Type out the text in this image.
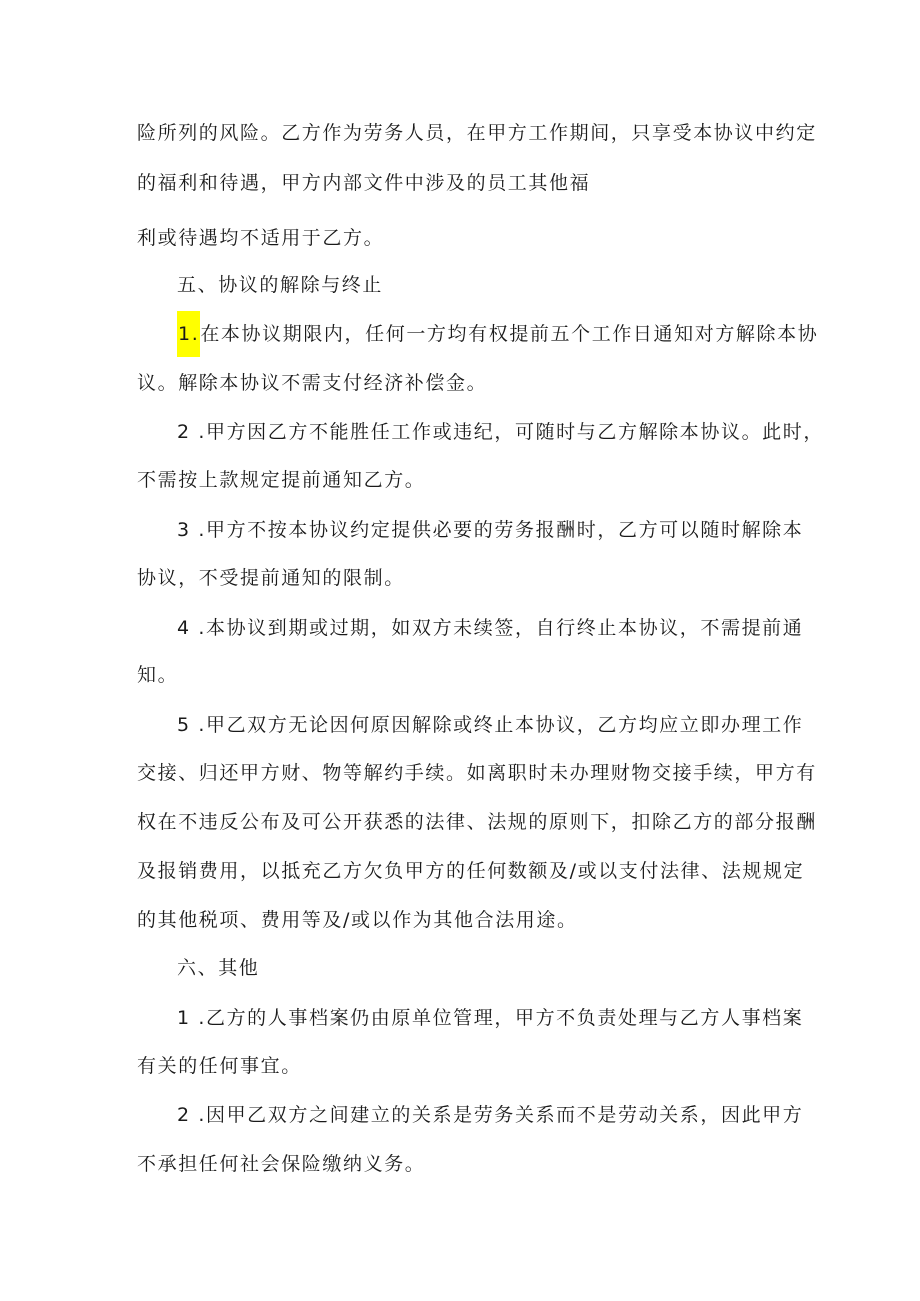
险所列的风险。乙方作为劳务人员，在甲方工作期间，只享受本协议中约定
的福利和待遇，甲方内部文件中涉及的员工其他福
利或待遇均不适用于乙方。
五、协议的解除与终止
1.在本协议期限内，任何一方均有权提前五个工作日通知对方解除本协
议。解除本协议不需支付经济补偿金。
2 .甲方因乙方不能胜任工作或违纪，可随时与乙方解除本协议。此时，
不需按上款规定提前通知乙方。
3 .甲方不按本协议约定提供必要的劳务报酬时，乙方可以随时解除本
协议，不受提前通知的限制。
4 .本协议到期或过期，如双方未续签，自行终止本协议，不需提前通
知。
5 .甲乙双方无论因何原因解除或终止本协议，乙方均应立即办理工作
交接、归还甲方财、物等解约手续。如离职时未办理财物交接手续，甲方有
权在不违反公布及可公开获悉的法律、法规的原则下，扣除乙方的部分报酬
及报销费用，以抵充乙方欠负甲方的任何数额及/或以支付法律、法规规定
的其他税项、费用等及/或以作为其他合法用途。
六、其他
1 .乙方的人事档案仍由原单位管理，甲方不负责处理与乙方人事档案
有关的任何事宜。
2 .因甲乙双方之间建立的关系是劳务关系而不是劳动关系，因此甲方
不承担任何社会保险缴纳义务。
